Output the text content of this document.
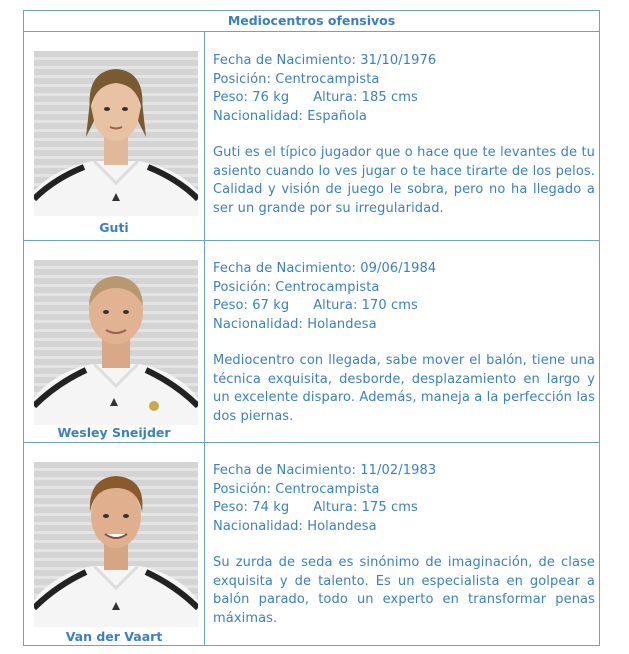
Mediocentros ofensivos
Guti

Fecha de Nacimiento: 31/10/1976

Posición: Centrocampista

Peso: 76 kg Altura: 185 cms

Nacionalidad: Española

Guti es el típico jugador que o hace que te levantes de tu asiento cuando lo ves jugar o te hace tirarte de los pelos. Calidad y visión de juego le sobra, pero no ha llegado a ser un grande por su irregularidad.

Wesley Sneijder

Fecha de Nacimiento: 09/06/1984

Posición: Centrocampista

Peso: 67 kg Altura: 170 cms

Nacionalidad: Holandesa

Mediocentro con llegada, sabe mover el balón, tiene una técnica exquisita, desborde, desplazamiento en largo y un excelente disparo. Además, maneja a la perfección las dos piernas.

Van der Vaart

Fecha de Nacimiento: 11/02/1983

Posición: Centrocampista

Peso: 74 kg Altura: 175 cms

Nacionalidad: Holandesa

Su zurda de seda es sinónimo de imaginación, de clase exquisita y de talento. Es un especialista en golpear a balón parado, todo un experto en transformar penas máximas.
